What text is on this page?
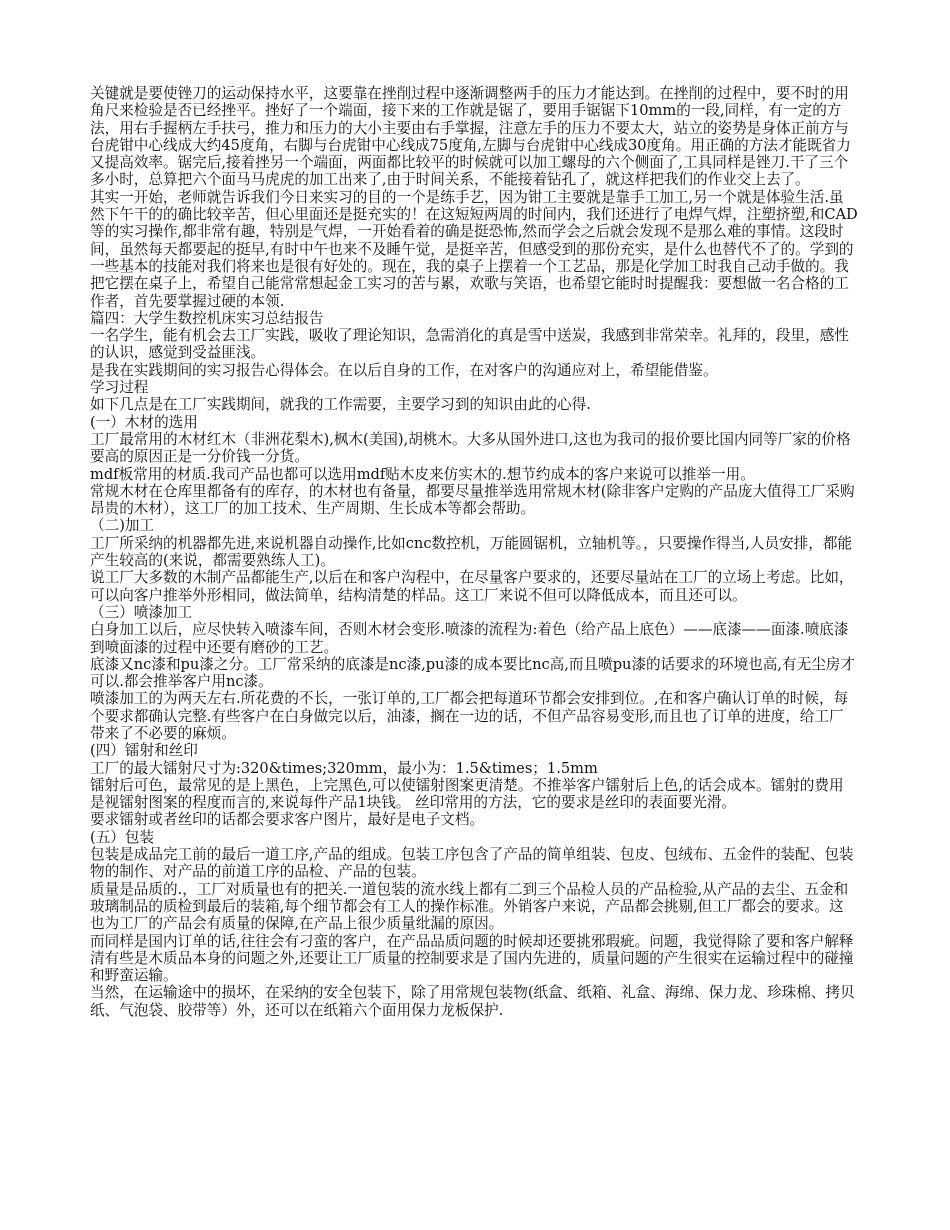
关键就是要使锉刀的运动保持水平，这要靠在挫削过程中逐渐调整两手的压力才能达到。在挫削的过程中，要不时的用角尺来检验是否已经挫平。挫好了一个端面，接下来的工作就是锯了，要用手锯锯下10mm的一段,同样，有一定的方法，用右手握柄左手扶弓，推力和压力的大小主要由右手掌握，注意左手的压力不要太大，站立的姿势是身体正前方与台虎钳中心线成大约45度角，右脚与台虎钳中心线成75度角,左脚与台虎钳中心线成30度角。用正确的方法才能既省力又提高效率。锯完后,接着挫另一个端面，两面都比较平的时候就可以加工螺母的六个侧面了,工具同样是锉刀.干了三个多小时，总算把六个面马马虎虎的加工出来了,由于时间关系，不能接着钻孔了，就这样把我们的作业交上去了。

其实一开始，老师就告诉我们今日来实习的目的一个是练手艺，因为钳工主要就是靠手工加工,另一个就是体验生活.虽然下午干的的确比较辛苦，但心里面还是挺充实的！在这短短两周的时间内，我们还进行了电焊气焊，注塑挤塑,和CAD等的实习操作,都非常有趣，特别是气焊，一开始看着的确是挺恐怖,然而学会之后就会发现不是那么难的事情。这段时间，虽然每天都要起的挺早,有时中午也来不及睡午觉，是挺辛苦，但感受到的那份充实，是什么也替代不了的。学到的一些基本的技能对我们将来也是很有好处的。现在，我的桌子上摆着一个工艺品，那是化学加工时我自己动手做的。我把它摆在桌子上，希望自己能常常想起金工实习的苦与累，欢歌与笑语，也希望它能时时提醒我：要想做一名合格的工作者，首先要掌握过硬的本领.

篇四：大学生数控机床实习总结报告

一名学生，能有机会去工厂实践，吸收了理论知识，急需消化的真是雪中送炭，我感到非常荣幸。礼拜的，段里，感性的认识，感觉到受益匪浅。

是我在实践期间的实习报告心得体会。在以后自身的工作，在对客户的沟通应对上，希望能借鉴。

学习过程

如下几点是在工厂实践期间，就我的工作需要，主要学习到的知识由此的心得.

(一）木材的选用

工厂最常用的木材红木（非洲花梨木),枫木(美国),胡桃木。大多从国外进口,这也为我司的报价要比国内同等厂家的价格要高的原因正是一分价钱一分货。

mdf板常用的材质.我司产品也都可以选用mdf贴木皮来仿实木的.想节约成本的客户来说可以推举一用。

常规木材在仓库里都备有的库存，的木材也有备量，都要尽量推举选用常规木材(除非客户定购的产品庞大值得工厂采购昂贵的木材），这工厂的加工技术、生产周期、生长成本等都会帮助。

（二)加工

工厂所采纳的机器都先进,来说机器自动操作,比如cnc数控机，万能圆锯机，立轴机等。，只要操作得当,人员安排，都能产生较高的(来说，都需要熟练人工)。

说工厂大多数的木制产品都能生产,以后在和客户沟程中，在尽量客户要求的，还要尽量站在工厂的立场上考虑。比如，可以向客户推举外形相同，做法简单，结构清楚的样品。这工厂来说不但可以降低成本，而且还可以。

（三）喷漆加工

白身加工以后，应尽快转入喷漆车间，否则木材会变形.喷漆的流程为:着色（给产品上底色）——底漆——面漆.喷底漆到喷面漆的过程中还要有磨砂的工艺。

底漆又nc漆和pu漆之分。工厂常采纳的底漆是nc漆,pu漆的成本要比nc高,而且喷pu漆的话要求的环境也高,有无尘房才可以.都会推举客户用nc漆。

喷漆加工的为两天左右.所花费的不长，一张订单的,工厂都会把每道环节都会安排到位。,在和客户确认订单的时候，每个要求都确认完整.有些客户在白身做完以后，油漆，搁在一边的话，不但产品容易变形,而且也了订单的进度，给工厂带来了不必要的麻烦。

(四）镭射和丝印

工厂的最大镭射尺寸为:320&times;320mm，最小为：1.5&times；1.5mm

镭射后可色，最常见的是上黑色，上完黑色,可以使镭射图案更清楚。不推举客户镭射后上色,的话会成本。镭射的费用是视镭射图案的程度而言的,来说每件产品1块钱。 丝印常用的方法，它的要求是丝印的表面要光滑。

要求镭射或者丝印的话都会要求客户图片，最好是电子文档。

(五）包装

包装是成品完工前的最后一道工序,产品的组成。包装工序包含了产品的简单组装、包皮、包绒布、五金件的装配、包装物的制作、对产品的前道工序的品检、产品的包装。

质量是品质的.，工厂对质量也有的把关.一道包装的流水线上都有二到三个品检人员的产品检验,从产品的去尘、五金和玻璃制品的质检到最后的装箱,每个细节都会有工人的操作标准。外销客户来说，产品都会挑剔,但工厂都会的要求。这也为工厂的产品会有质量的保障,在产品上很少质量纰漏的原因。

而同样是国内订单的话,往往会有刁蛮的客户，在产品品质问题的时候却还要挑邪瑕疵。问题，我觉得除了要和客户解释清有些是木质品本身的问题之外,还要让工厂质量的控制要求是了国内先进的，质量问题的产生很实在运输过程中的碰撞和野蛮运输。

当然，在运输途中的损坏，在采纳的安全包装下，除了用常规包装物(纸盒、纸箱、礼盒、海绵、保力龙、珍珠棉、拷贝纸、气泡袋、胶带等）外，还可以在纸箱六个面用保力龙板保护.
